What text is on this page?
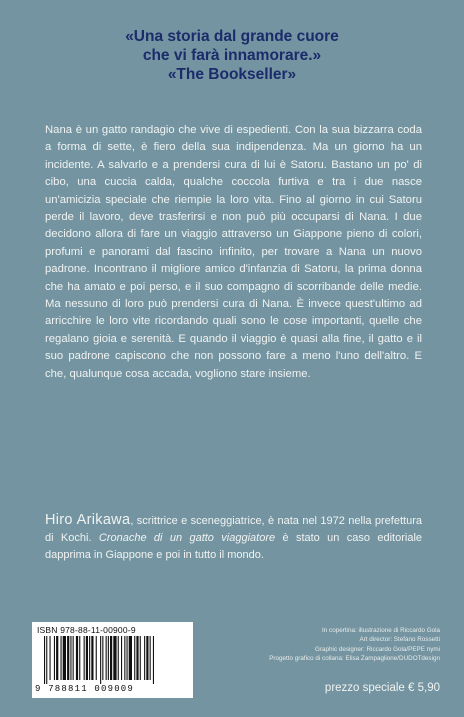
«Una storia dal grande cuore
che vi farà innamorare.»
«The Bookseller»

Nana è un gatto randagio che vive di espedienti. Con la sua bizzarra coda a forma di sette, è fiero della sua indipendenza. Ma un giorno ha un incidente. A salvarlo e a prendersi cura di lui è Satoru. Bastano un po' di cibo, una cuccia calda, qualche coccola furtiva e tra i due nasce un'amicizia speciale che riempie la loro vita. Fino al giorno in cui Satoru perde il lavoro, deve trasferirsi e non può più occuparsi di Nana. I due decidono allora di fare un viaggio attraverso un Giappone pieno di colori, profumi e panorami dal fascino infinito, per trovare a Nana un nuovo padrone. Incontrano il migliore amico d'infanzia di Satoru, la prima donna che ha amato e poi perso, e il suo compagno di scorribande delle medie. Ma nessuno di loro può prendersi cura di Nana. È invece quest'ultimo ad arricchire le loro vite ricordando quali sono le cose importanti, quelle che regalano gioia e serenità. E quando il viaggio è quasi alla fine, il gatto e il suo padrone capiscono che non possono fare a meno l'uno dell'altro. E che, qualunque cosa accada, vogliono stare insieme.

Hiro Arikawa, scrittrice e sceneggiatrice, è nata nel 1972 nella prefettura di Kochi. Cronache di un gatto viaggiatore è stato un caso editoriale dapprima in Giappone e poi in tutto il mondo.

ISBN 978-88-11-00900-9
9 788811 009009
In copertina: illustrazione di Riccardo Gola
Art director: Stefano Rossetti
Graphic designer: Riccardo Gola/PEPE nymi
Progetto grafico di collana: Elisa Zampaglione/DUDOTdesign
prezzo speciale € 5,90
